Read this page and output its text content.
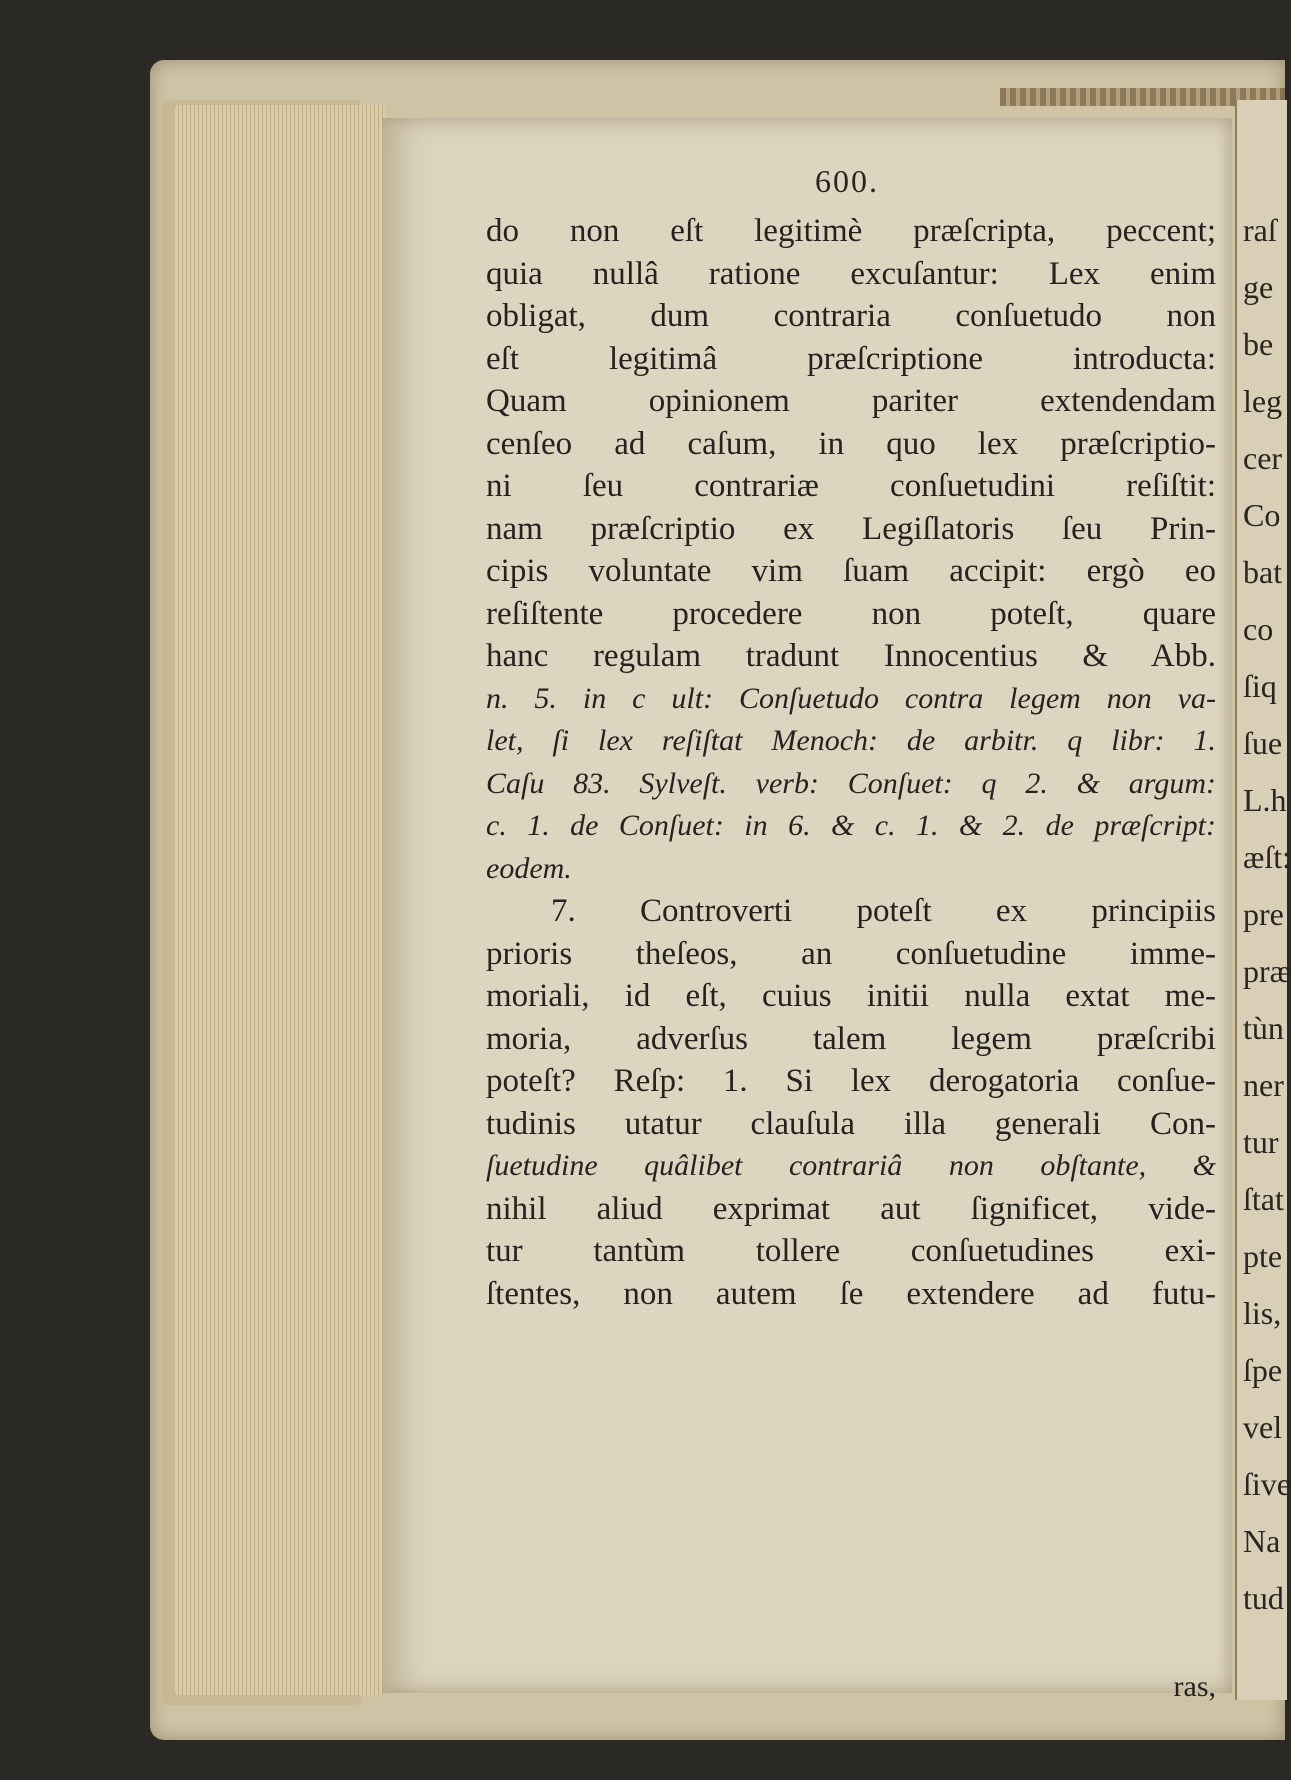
600.
do non eſt legitimè præſcripta, peccent;
quia nullâ ratione excuſantur: Lex enim
obligat, dum contraria conſuetudo non
eſt legitimâ præſcriptione introducta:
Quam opinionem pariter extendendam
cenſeo ad caſum, in quo lex præſcriptio-
ni ſeu contrariæ conſuetudini reſiſtit:
nam præſcriptio ex Legiſlatoris ſeu Prin-
cipis voluntate vim ſuam accipit: ergò eo
reſiſtente procedere non poteſt, quare
hanc regulam tradunt Innocentius & Abb.
n. 5. in c ult: Conſuetudo contra legem non va-
let, ſi lex reſiſtat Menoch: de arbitr. q libr: 1.
Caſu 83. Sylveſt. verb: Conſuet: q 2. & argum:
c. 1. de Conſuet: in 6. & c. 1. & 2. de præſcript:
eodem.
7. Controverti poteſt ex principiis
prioris theſeos, an conſuetudine imme-
moriali, id eſt, cuius initii nulla extat me-
moria, adverſus talem legem præſcribi
poteſt? Reſp: 1. Si lex derogatoria conſue-
tudinis utatur clauſula illa generali Con-
ſuetudine quâlibet contrariâ non obſtante, &
nihil aliud exprimat aut ſignificet, vide-
tur tantùm tollere conſuetudines exi-
ſtentes, non autem ſe extendere ad futu-
ras,
raſ
ge
be
leg
cer
Co
bat
co
ſiq
ſue
L.h
æſt:
pre
præ
tùn
ner
tur
ſtat
pte
lis,
ſpe
vel
ſive
Na
tud
